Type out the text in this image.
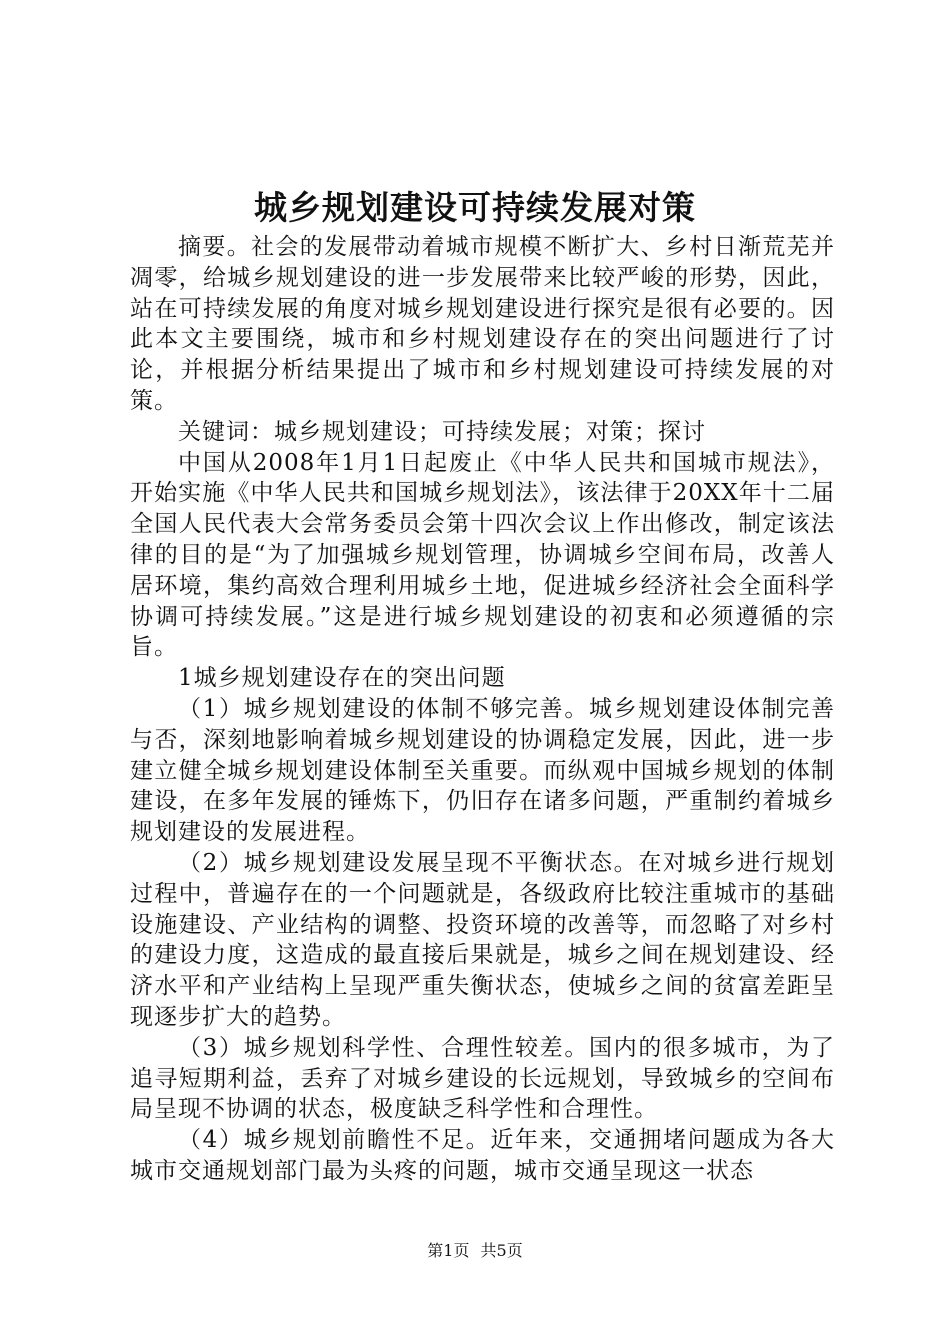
城乡规划建设可持续发展对策

摘要。社会的发展带动着城市规模不断扩大、乡村日渐荒芜并凋零，给城乡规划建设的进一步发展带来比较严峻的形势，因此，站在可持续发展的角度对城乡规划建设进行探究是很有必要的。因此本文主要围绕，城市和乡村规划建设存在的突出问题进行了讨论，并根据分析结果提出了城市和乡村规划建设可持续发展的对策。

关键词：城乡规划建设；可持续发展；对策；探讨

中国从2008年1月1日起废止《中华人民共和国城市规法》，开始实施《中华人民共和国城乡规划法》，该法律于20XX年十二届全国人民代表大会常务委员会第十四次会议上作出修改，制定该法律的目的是“为了加强城乡规划管理，协调城乡空间布局，改善人居环境，集约高效合理利用城乡土地，促进城乡经济社会全面科学协调可持续发展。”这是进行城乡规划建设的初衷和必须遵循的宗旨。

1城乡规划建设存在的突出问题

（1）城乡规划建设的体制不够完善。城乡规划建设体制完善与否，深刻地影响着城乡规划建设的协调稳定发展，因此，进一步建立健全城乡规划建设体制至关重要。而纵观中国城乡规划的体制建设，在多年发展的锤炼下，仍旧存在诸多问题，严重制约着城乡规划建设的发展进程。

（2）城乡规划建设发展呈现不平衡状态。在对城乡进行规划过程中，普遍存在的一个问题就是，各级政府比较注重城市的基础设施建设、产业结构的调整、投资环境的改善等，而忽略了对乡村的建设力度，这造成的最直接后果就是，城乡之间在规划建设、经济水平和产业结构上呈现严重失衡状态，使城乡之间的贫富差距呈现逐步扩大的趋势。

（3）城乡规划科学性、合理性较差。国内的很多城市，为了追寻短期利益，丢弃了对城乡建设的长远规划，导致城乡的空间布局呈现不协调的状态，极度缺乏科学性和合理性。

（4）城乡规划前瞻性不足。近年来，交通拥堵问题成为各大城市交通规划部门最为头疼的问题，城市交通呈现这一状态

第1页 共5页
